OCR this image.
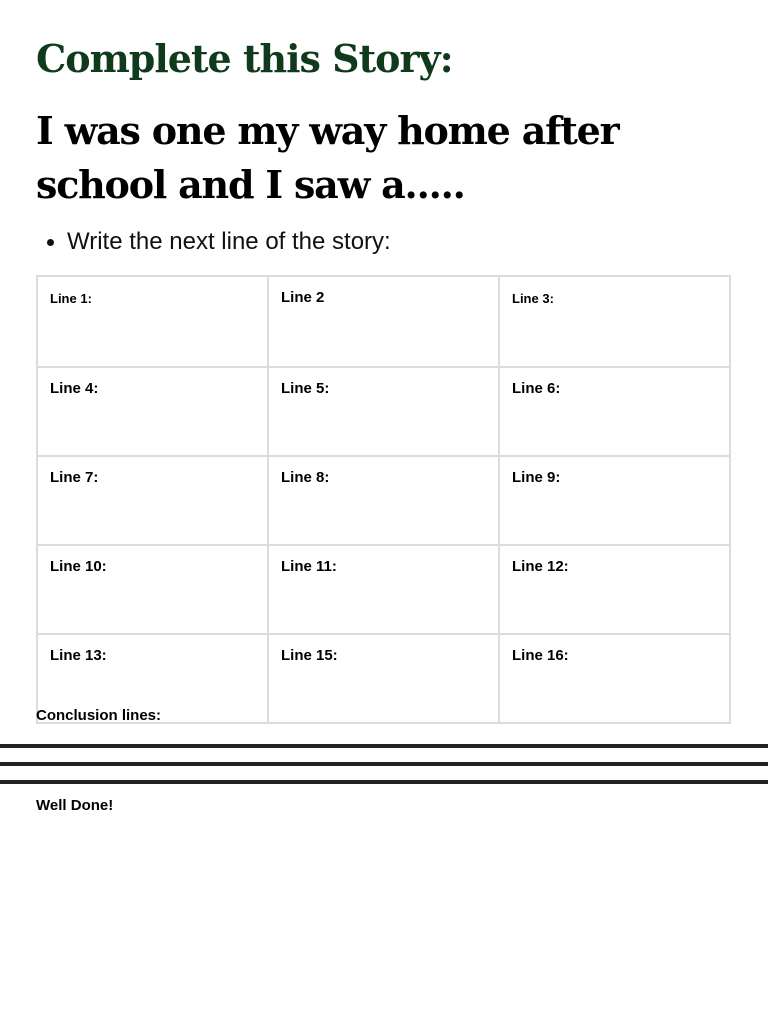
Complete this Story:
I was one my way home after school and I saw a.....
Write the next line of the story:
Line 1:	Line 2	Line 3:
Line 4:	Line 5:	Line 6:
Line 7:	Line 8:	Line 9:
Line 10:	Line 11:	Line 12:
Line 13:	Line 15:	Line 16:

Conclusion lines:

Well Done!
